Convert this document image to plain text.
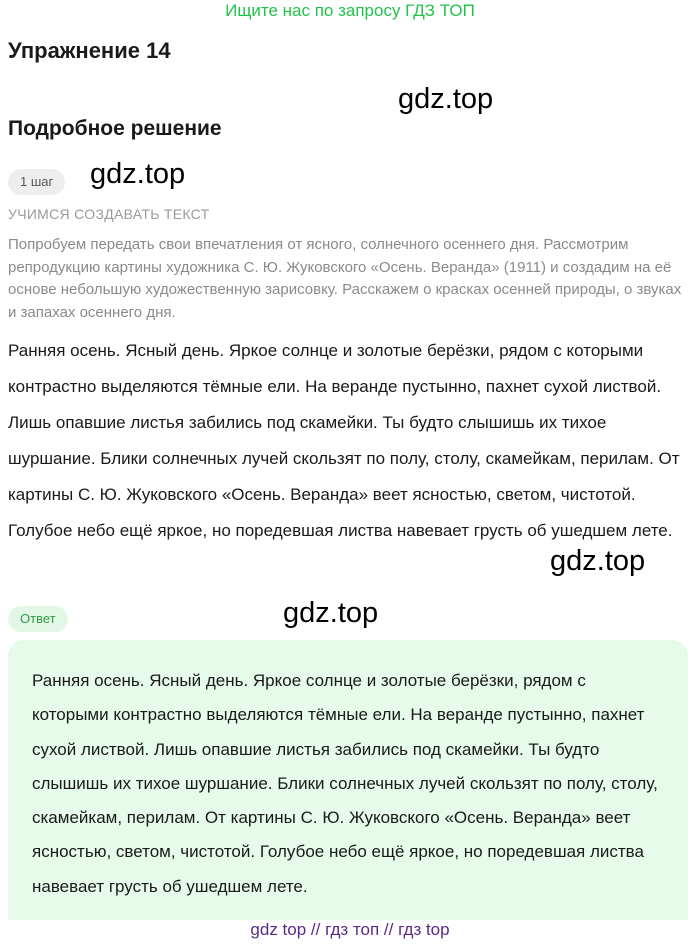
Ищите нас по запросу ГДЗ ТОП
Упражнение 14
gdz.top
Подробное решение
1 шаг	gdz.top
УЧИМСЯ СОЗДАВАТЬ ТЕКСТ
Попробуем передать свои впечатления от ясного, солнечного осеннего дня. Рассмотрим репродукцию картины художника С. Ю. Жуковского «Осень. Веранда» (1911) и создадим на её основе небольшую художественную зарисовку. Расскажем о красках осенней природы, о звуках и запахах осеннего дня.
Ранняя осень. Ясный день. Яркое солнце и золотые берёзки, рядом с которыми контрастно выделяются тёмные ели. На веранде пустынно, пахнет сухой листвой. Лишь опавшие листья забились под скамейки. Ты будто слышишь их тихое шуршание. Блики солнечных лучей скользят по полу, столу, скамейкам, перилам. От картины С. Ю. Жуковского «Осень. Веранда» веет ясностью, светом, чистотой. Голубое небо ещё яркое, но поредевшая листва навевает грусть об ушедшем лете.
gdz.top
Ответ	gdz.top

Ранняя осень. Ясный день. Яркое солнце и золотые берёзки, рядом с которыми контрастно выделяются тёмные ели. На веранде пустынно, пахнет сухой листвой. Лишь опавшие листья забились под скамейки. Ты будто слышишь их тихое шуршание. Блики солнечных лучей скользят по полу, столу, скамейкам, перилам. От картины С. Ю. Жуковского «Осень. Веранда» веет ясностью, светом, чистотой. Голубое небо ещё яркое, но поредевшая листва навевает грусть об ушедшем лете.

gdz top // гдз топ // гдз top
